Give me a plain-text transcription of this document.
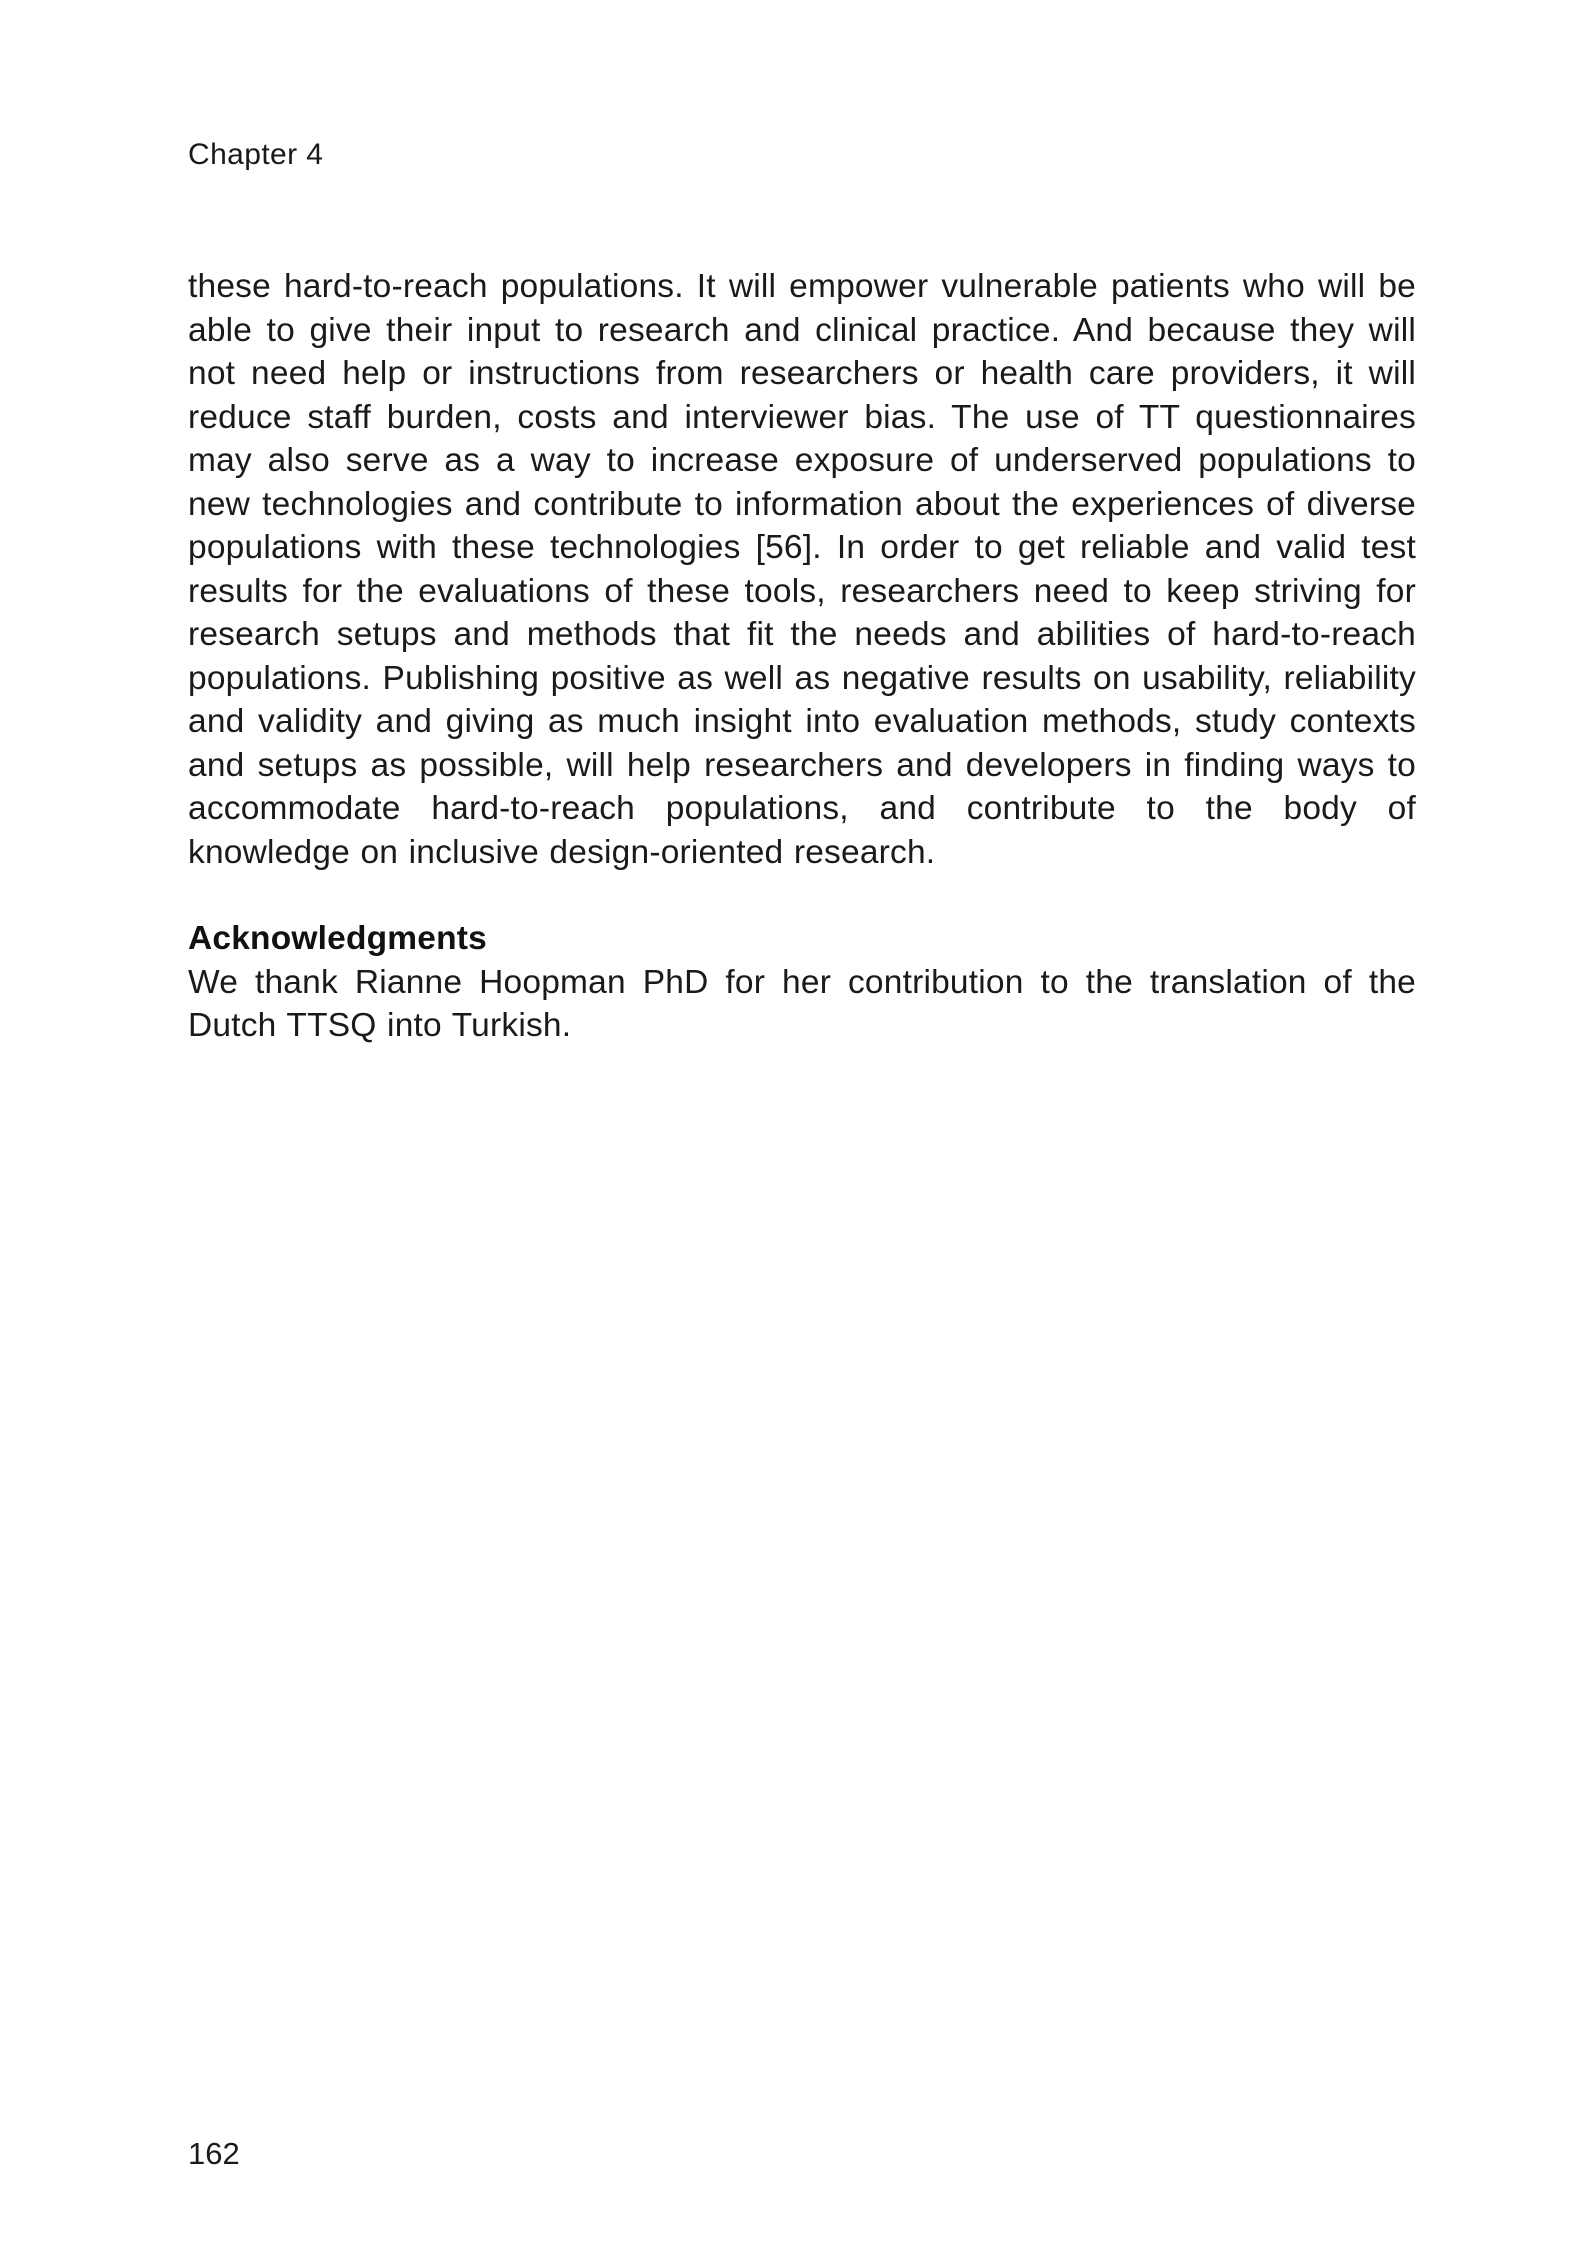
Chapter 4

these hard-to-reach populations. It will empower vulnerable patients who will be able to give their input to research and clinical practice. And because they will not need help or instructions from researchers or health care providers, it will reduce staff burden, costs and interviewer bias. The use of TT questionnaires may also serve as a way to increase exposure of underserved populations to new technologies and contribute to information about the experiences of diverse populations with these technologies [56]. In order to get reliable and valid test results for the evaluations of these tools, researchers need to keep striving for research setups and methods that fit the needs and abilities of hard-to-reach populations. Publishing positive as well as negative results on usability, reliability and validity and giving as much insight into evaluation methods, study contexts and setups as possible, will help researchers and developers in finding ways to accommodate hard-to-reach populations, and contribute to the body of knowledge on inclusive design-oriented research.

Acknowledgments

We thank Rianne Hoopman PhD for her contribution to the translation of the Dutch TTSQ into Turkish.

162
